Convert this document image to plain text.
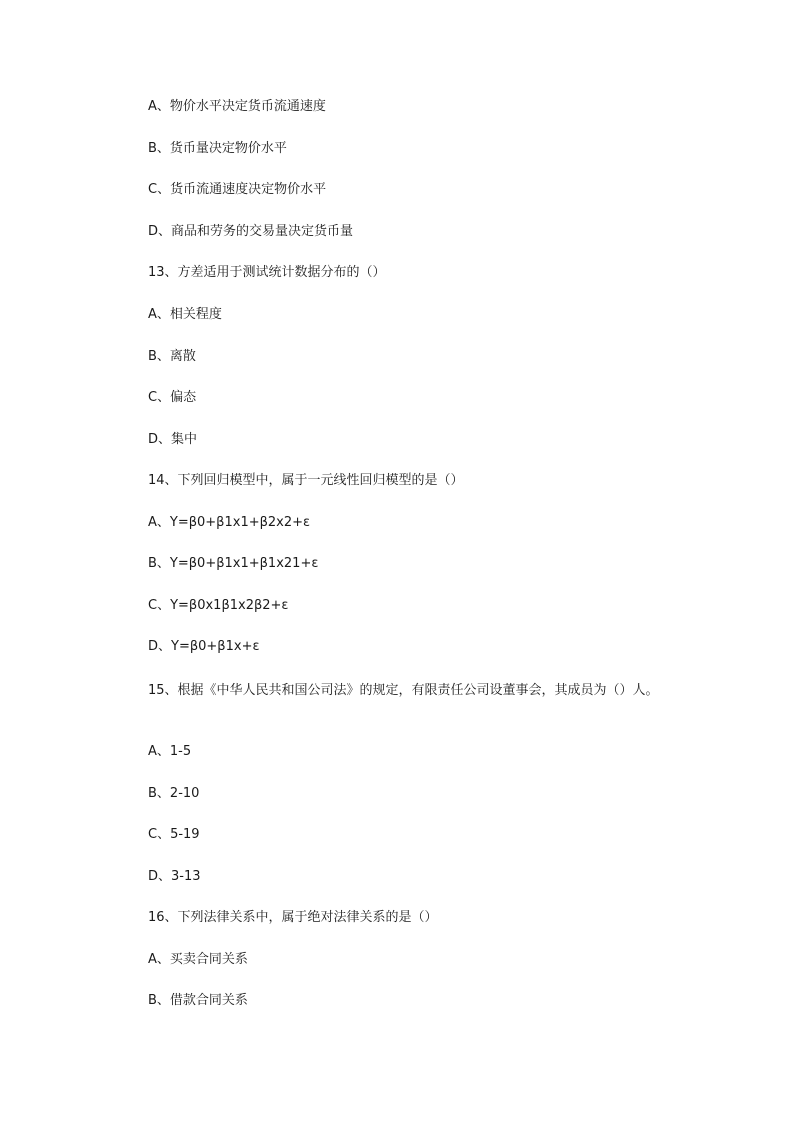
A、物价水平决定货币流通速度
B、货币量决定物价水平
C、货币流通速度决定物价水平
D、商品和劳务的交易量决定货币量
13、方差适用于测试统计数据分布的（）
A、相关程度
B、离散
C、偏态
D、集中
14、下列回归模型中，属于一元线性回归模型的是（）
A、Y=β0+β1x1+β2x2+ε
B、Y=β0+β1x1+β1x21+ε
C、Y=β0x1β1x2β2+ε
D、Y=β0+β1x+ε
15、根据《中华人民共和国公司法》的规定，有限责任公司设董事会，其成员为（）人。
A、1-5
B、2-10
C、5-19
D、3-13
16、下列法律关系中，属于绝对法律关系的是（）
A、买卖合同关系
B、借款合同关系
